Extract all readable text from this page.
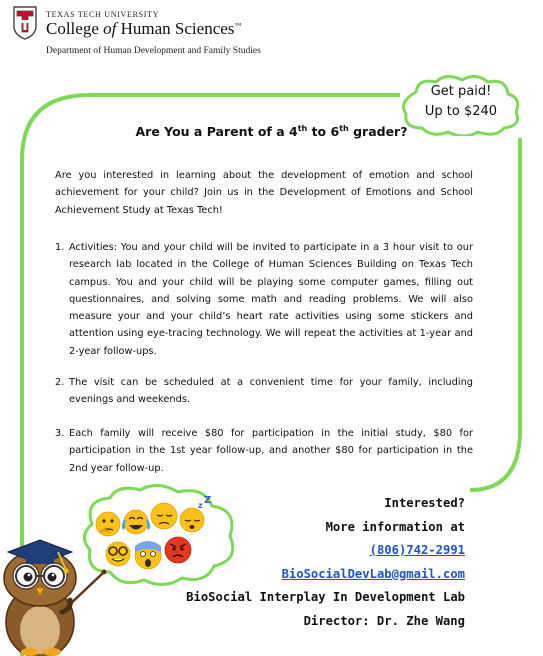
TEXAS TECH UNIVERSITY
College of Human Sciences™
Department of Human Development and Family Studies
Get paid!
Up to $240
Are You a Parent of a 4th to 6th grader?
Are you interested in learning about the development of emotion and school achievement for your child? Join us in the Development of Emotions and School Achievement Study at Texas Tech!
1. Activities: You and your child will be invited to participate in a 3 hour visit to our research lab located in the College of Human Sciences Building on Texas Tech campus. You and your child will be playing some computer games, filling out questionnaires, and solving some math and reading problems. We will also measure your and your child’s heart rate activities using some stickers and attention using eye-tracing technology. We will repeat the activities at 1-year and 2-year follow-ups.
2. The visit can be scheduled at a convenient time for your family, including evenings and weekends.
3. Each family will receive $80 for participation in the initial study, $80 for participation in the 1st year follow-up, and another $80 for participation in the 2nd year follow-up.
z Z	Interested?
More information at
(806)742-2991
BioSocialDevLab@gmail.com
BioSocial Interplay In Development Lab
Director: Dr. Zhe Wang
